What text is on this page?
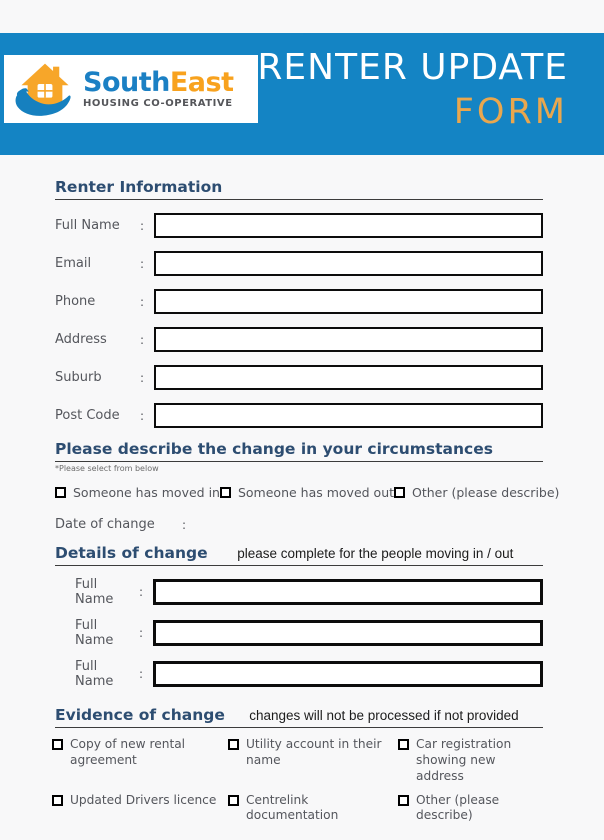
SouthEast
HOUSING CO-OPERATIVE
RENTER UPDATE
FORM
Renter Information
Full Name	:
Email	:
Phone	:
Address	:
Suburb	:
Post Code	:
Please describe the change in your circumstances
*Please select from below
Someone has moved in Someone has moved out Other (please describe)
Date of change	:
Details of change	please complete for the people moving in / out
Full Name	:
Full Name	:
Full Name	:
Evidence of change	changes will not be processed if not provided
Copy of new rental agreement
Utility account in their name
Car registration showing new address
Updated Drivers licence Centrelink documentation
Other (please describe)
